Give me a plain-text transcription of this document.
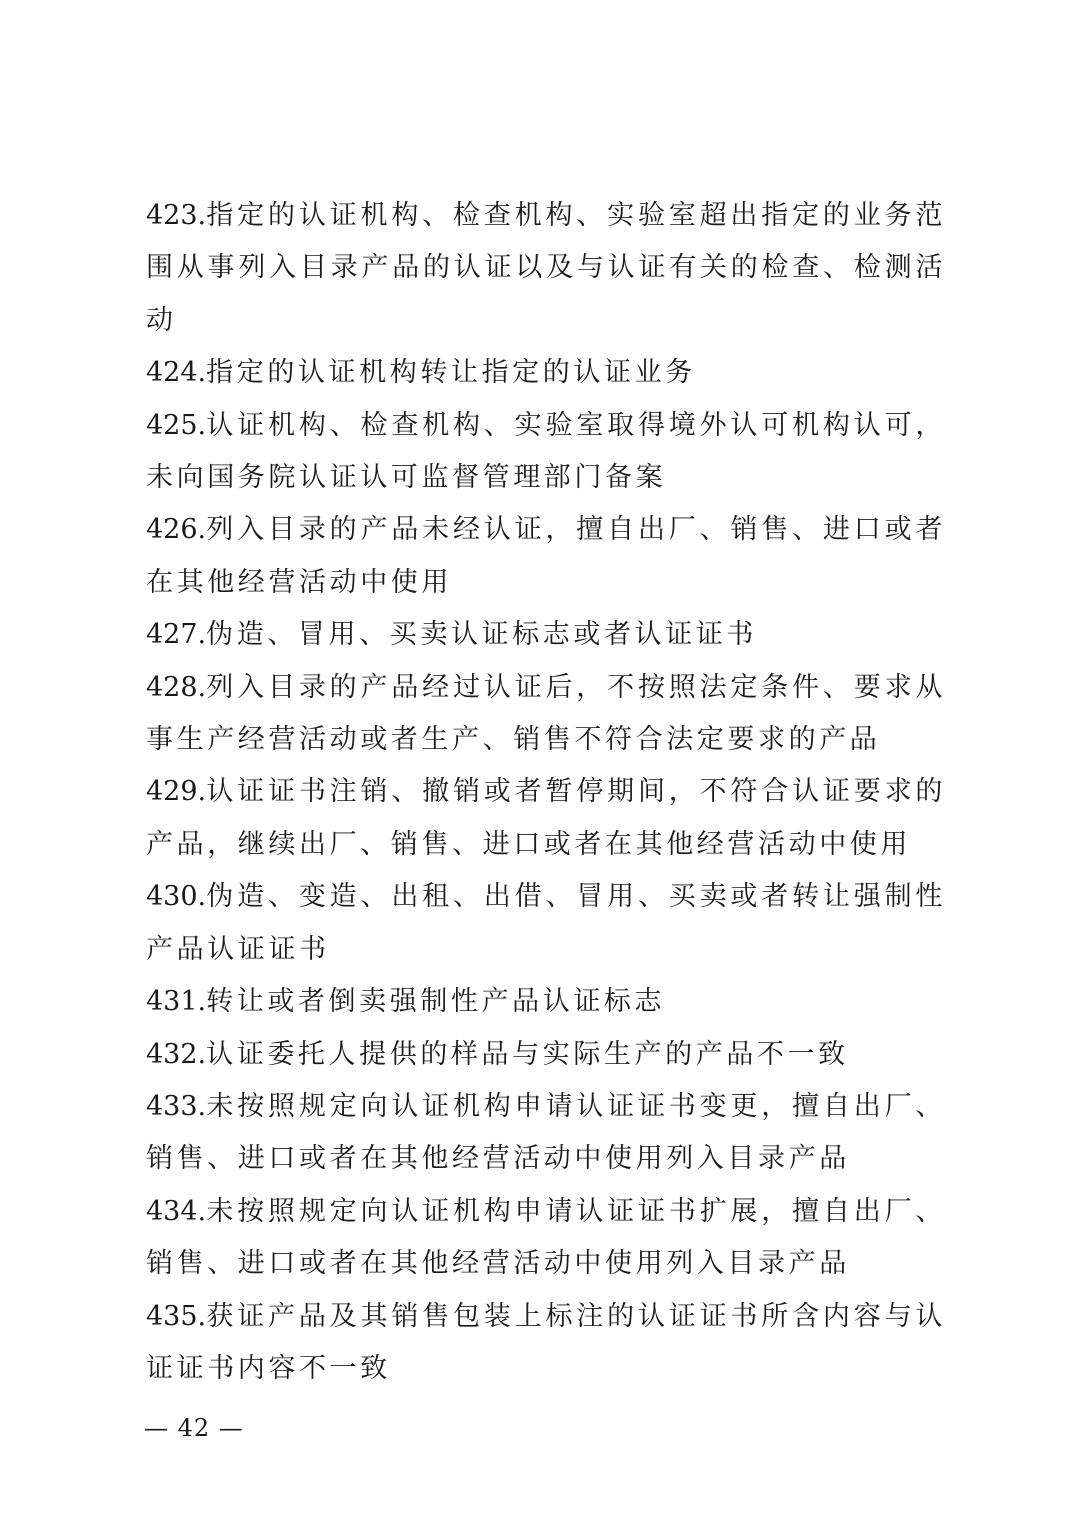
423.指定的认证机构、检查机构、实验室超出指定的业务范围从事列入目录产品的认证以及与认证有关的检查、检测活动

424.指定的认证机构转让指定的认证业务

425.认证机构、检查机构、实验室取得境外认可机构认可，未向国务院认证认可监督管理部门备案

426.列入目录的产品未经认证，擅自出厂、销售、进口或者在其他经营活动中使用

427.伪造、冒用、买卖认证标志或者认证证书

428.列入目录的产品经过认证后，不按照法定条件、要求从事生产经营活动或者生产、销售不符合法定要求的产品

429.认证证书注销、撤销或者暂停期间，不符合认证要求的产品，继续出厂、销售、进口或者在其他经营活动中使用

430.伪造、变造、出租、出借、冒用、买卖或者转让强制性产品认证证书

431.转让或者倒卖强制性产品认证标志

432.认证委托人提供的样品与实际生产的产品不一致

433.未按照规定向认证机构申请认证证书变更，擅自出厂、销售、进口或者在其他经营活动中使用列入目录产品

434.未按照规定向认证机构申请认证证书扩展，擅自出厂、销售、进口或者在其他经营活动中使用列入目录产品

435.获证产品及其销售包装上标注的认证证书所含内容与认证证书内容不一致

— 42 —
